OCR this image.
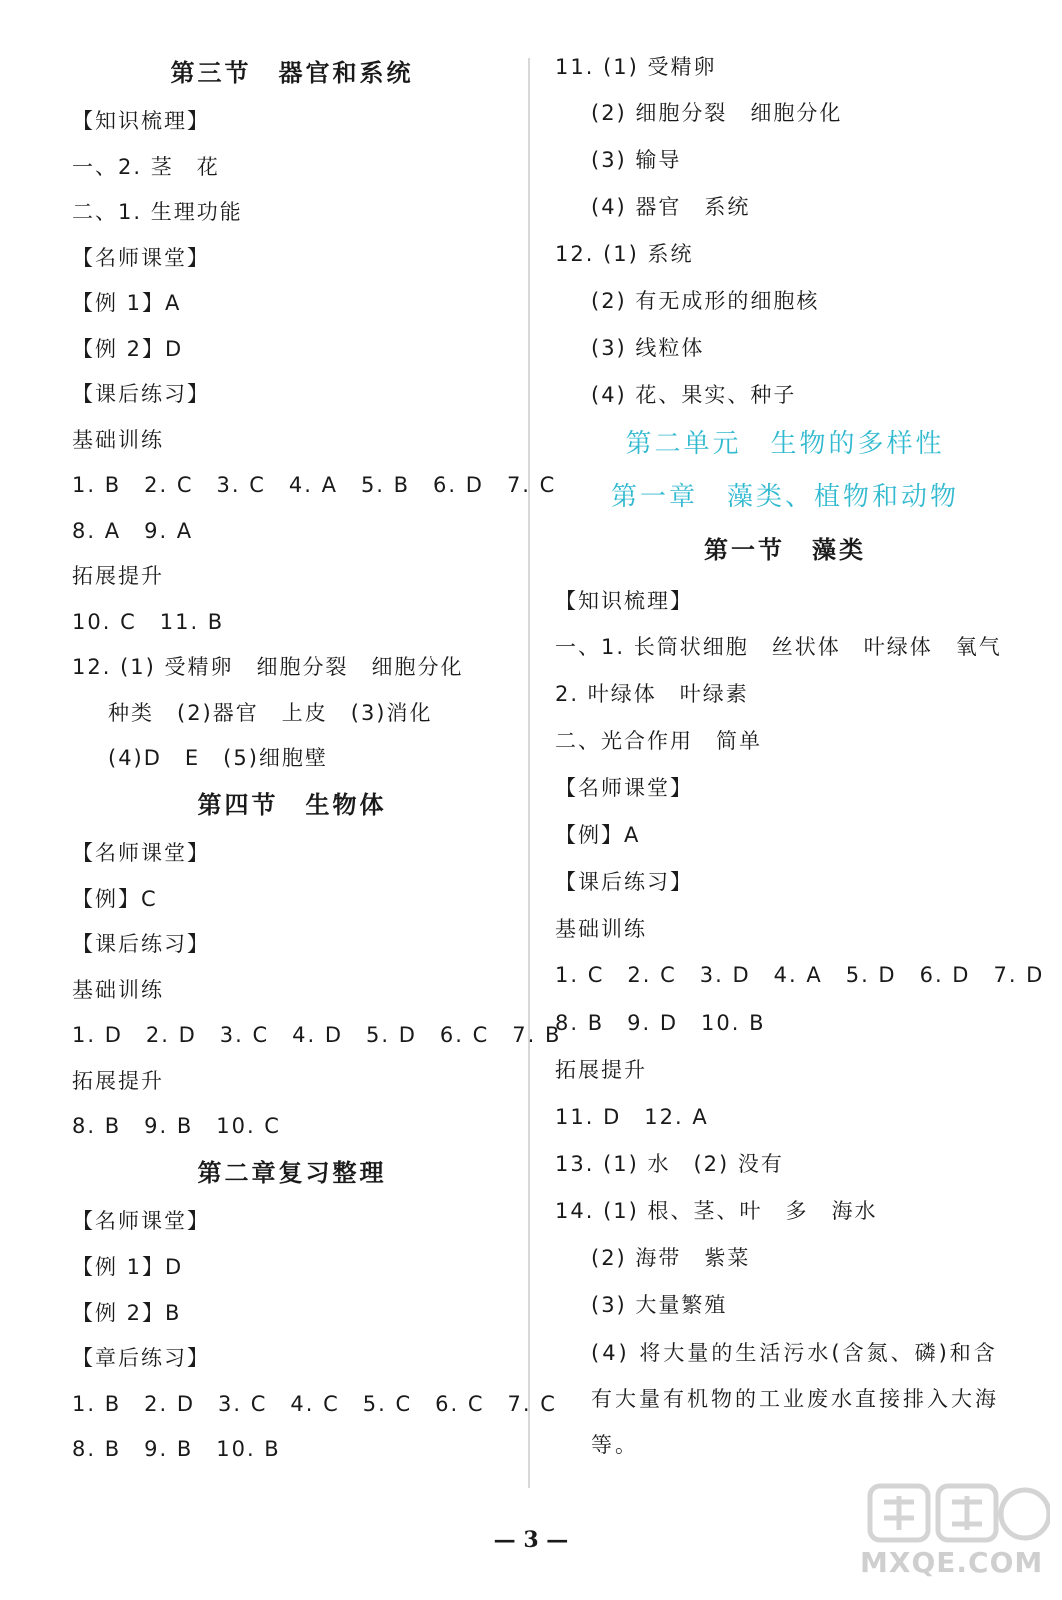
第三节　器官和系统
【知识梳理】
一、2. 茎　花
二、1. 生理功能
【名师课堂】
【例 1】A
【例 2】D
【课后练习】
基础训练
1. B　2. C　3. C　4. A　5. B　6. D　7. C
8. A　9. A
拓展提升
10. C　11. B
12. (1) 受精卵　细胞分裂　细胞分化
种类　(2)器官　上皮　(3)消化
(4)D　E　(5)细胞壁
第四节　生物体
【名师课堂】
【例】C
【课后练习】
基础训练
1. D　2. D　3. C　4. D　5. D　6. C　7. B
拓展提升
8. B　9. B　10. C
第二章复习整理
【名师课堂】
【例 1】D
【例 2】B
【章后练习】
1. B　2. D　3. C　4. C　5. C　6. C　7. C
8. B　9. B　10. B
11. (1) 受精卵
(2) 细胞分裂　细胞分化
(3) 输导
(4) 器官　系统
12. (1) 系统
(2) 有无成形的细胞核
(3) 线粒体
(4) 花、果实、种子
第二单元　生物的多样性
第一章　藻类、植物和动物
第一节　藻类
【知识梳理】
一、1. 长筒状细胞　丝状体　叶绿体　氧气
2. 叶绿体　叶绿素
二、光合作用　简单
【名师课堂】
【例】A
【课后练习】
基础训练
1. C　2. C　3. D　4. A　5. D　6. D　7. D
8. B　9. D　10. B
拓展提升
11. D　12. A
13. (1) 水　(2) 没有
14. (1) 根、茎、叶　多　海水
(2) 海带　紫菜
(3) 大量繁殖
(4) 将大量的生活污水(含氮、磷)和含有大量有机物的工业废水直接排入大海等。
— 3 —
MXQE.COM
